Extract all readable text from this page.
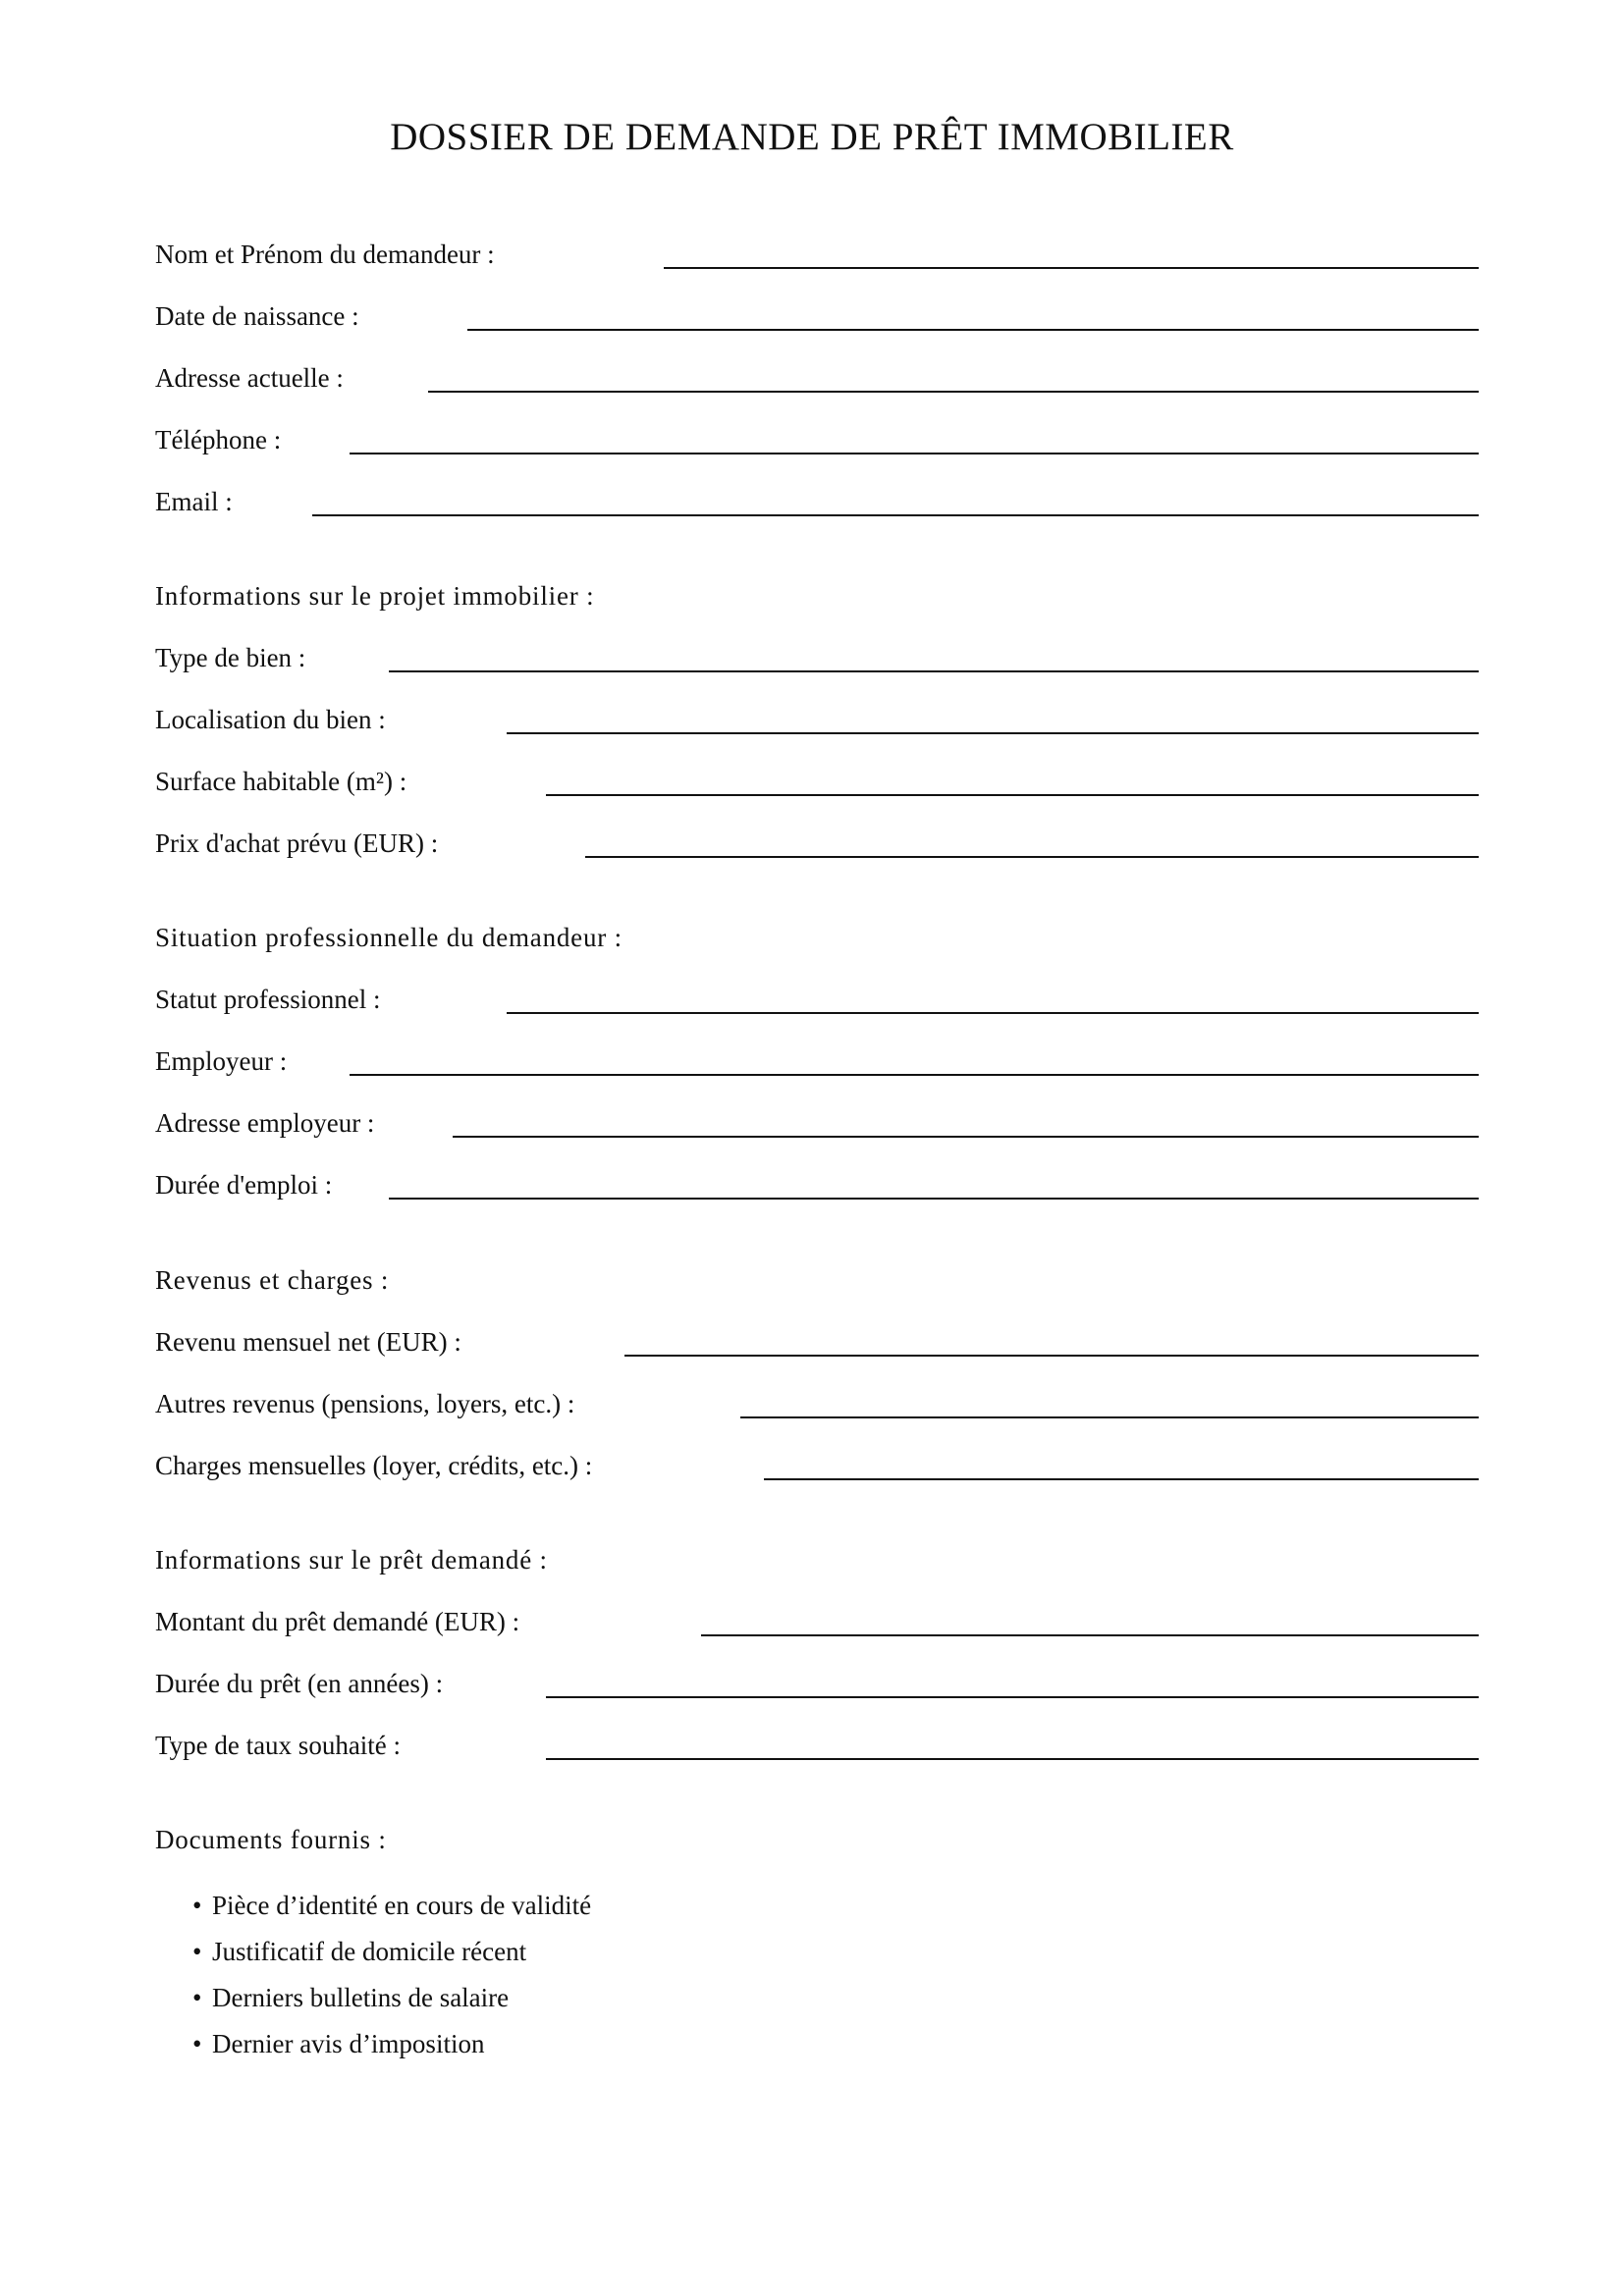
DOSSIER DE DEMANDE DE PRÊT IMMOBILIER
Nom et Prénom du demandeur :
Date de naissance :
Adresse actuelle :
Téléphone :
Email :
Informations sur le projet immobilier :
Type de bien :
Localisation du bien :
Surface habitable (m²) :
Prix d'achat prévu (EUR) :
Situation professionnelle du demandeur :
Statut professionnel :
Employeur :
Adresse employeur :
Durée d'emploi :
Revenus et charges :
Revenu mensuel net (EUR) :
Autres revenus (pensions, loyers, etc.) :
Charges mensuelles (loyer, crédits, etc.) :
Informations sur le prêt demandé :
Montant du prêt demandé (EUR) :
Durée du prêt (en années) :
Type de taux souhaité :
Documents fournis :
• Pièce d’identité en cours de validité
• Justificatif de domicile récent
• Derniers bulletins de salaire
• Dernier avis d’imposition
